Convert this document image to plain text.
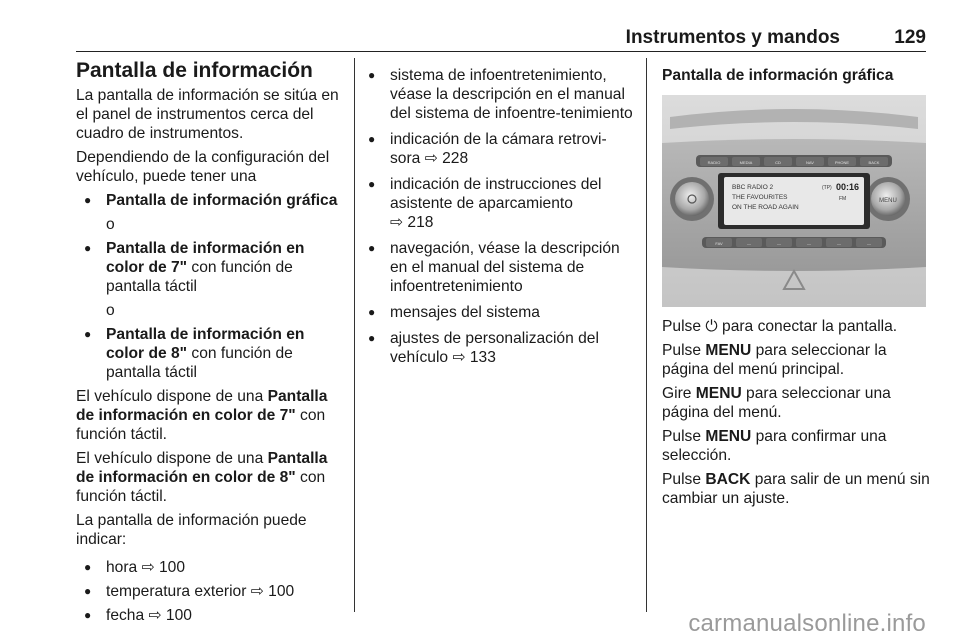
Instrumentos y mandos	129
Pantalla de información

La pantalla de información se sitúa en el panel de instrumentos cerca del cuadro de instrumentos.

Dependiendo de la configuración del vehículo, puede tener una

● Pantalla de información gráfica
o
● Pantalla de información en color de 7" con función de pantalla táctil
o
● Pantalla de información en color de 8" con función de pantalla táctil

El vehículo dispone de una Pantalla de información en color de 7" con función táctil.

El vehículo dispone de una Pantalla de información en color de 8" con función táctil.

La pantalla de información puede indicar:

● hora ⇨ 100
● temperatura exterior ⇨ 100
● fecha ⇨ 100
● sistema de infoentretenimiento, véase la descripción en el manual del sistema de infoentre-tenimiento
● indicación de la cámara retrovi-sora ⇨ 228
● indicación de instrucciones del asistente de aparcamiento
⇨ 218
● navegación, véase la descripción en el manual del sistema de infoentretenimiento
● mensajes del sistema
● ajustes de personalización del vehículo ⇨ 133
Pantalla de información gráfica
RADIO	MEDIA	CD	NAV	PHONE	BACK
MENU
BBC RADIO 2
THE FAVOURITES
ON THE ROAD AGAIN
(TP) 00:16
FM
FAV	—	—	—	—	—

Pulse ⏻ para conectar la pantalla.

Pulse MENU para seleccionar la página del menú principal.

Gire MENU para seleccionar una página del menú.

Pulse MENU para confirmar una selección.

Pulse BACK para salir de un menú sin cambiar un ajuste.

carmanualsonline.info
